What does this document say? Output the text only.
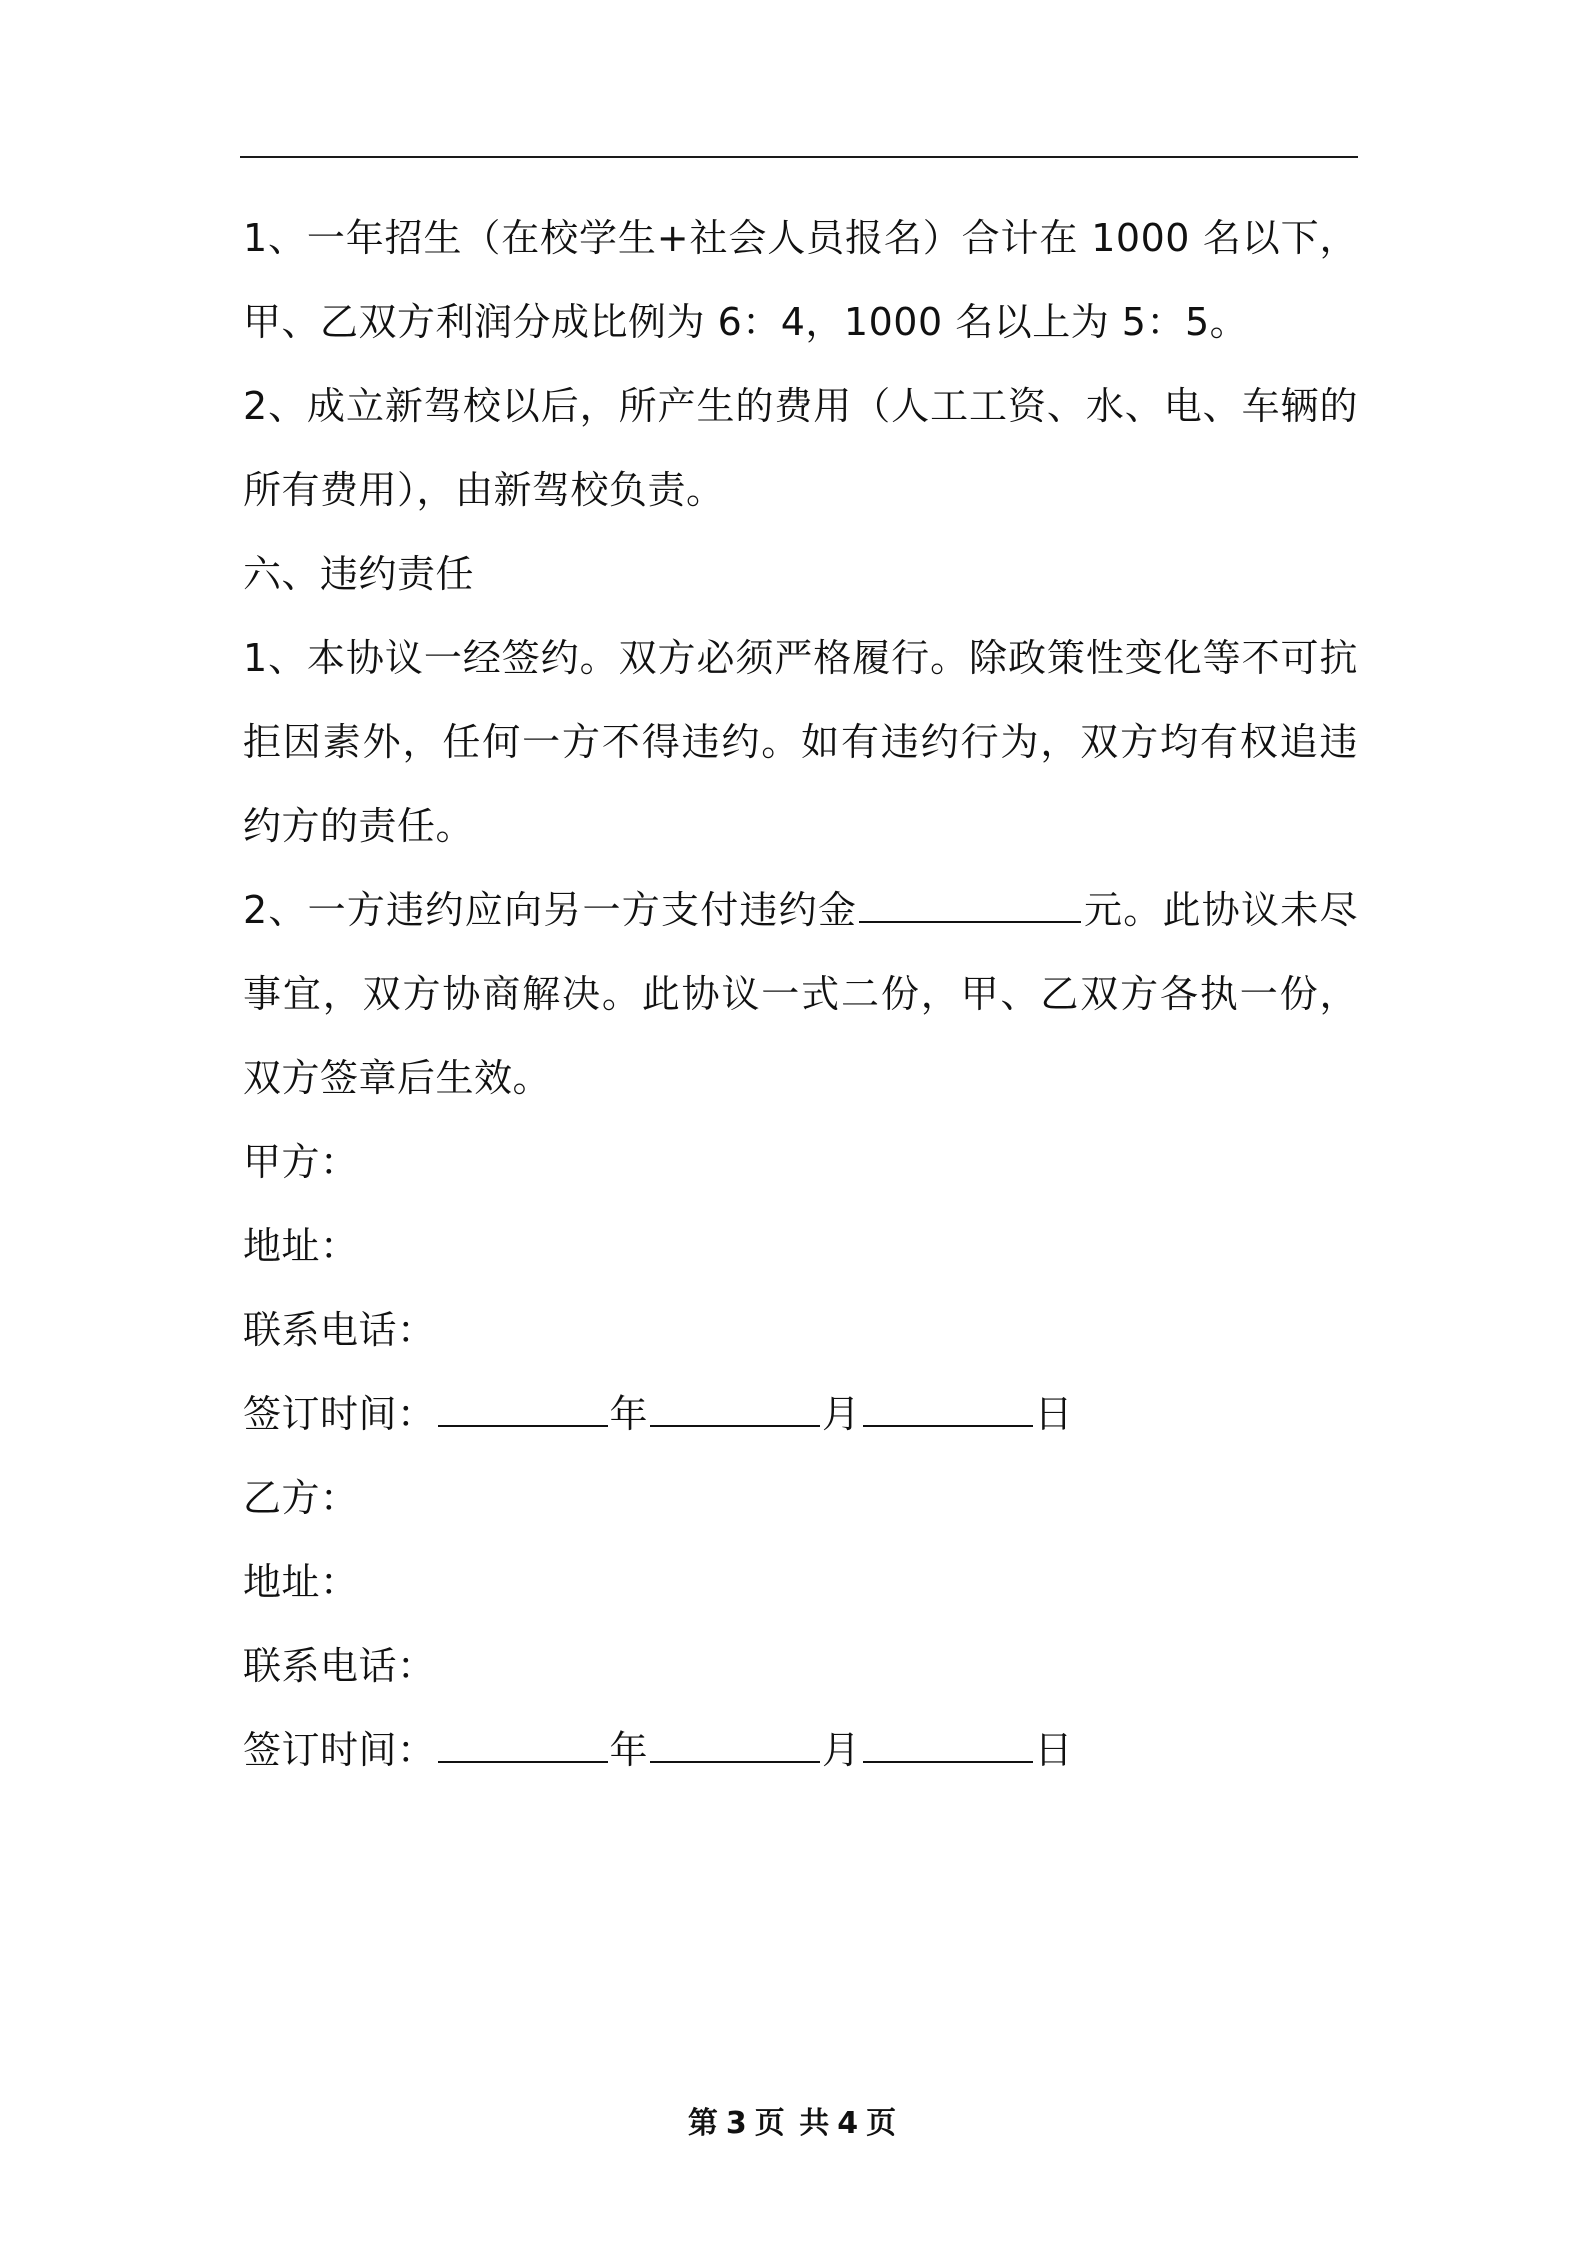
1、一年招生（在校学生+社会人员报名）合计在 1000 名以下，甲、乙双方利润分成比例为 6：4，1000 名以上为 5：5。

2、成立新驾校以后，所产生的费用（人工工资、水、电、车辆的所有费用），由新驾校负责。

六、违约责任

1、本协议一经签约。双方必须严格履行。除政策性变化等不可抗拒因素外，任何一方不得违约。如有违约行为，双方均有权追违约方的责任。

2、一方违约应向另一方支付违约金	元。此协议未尽事宜，双方协商解决。此协议一式二份，甲、乙双方各执一份，双方签章后生效。

甲方：

地址：

联系电话：

签订时间：	年	月	日

乙方：

地址：

联系电话：

签订时间：	年	月	日

第 3 页 共 4 页
